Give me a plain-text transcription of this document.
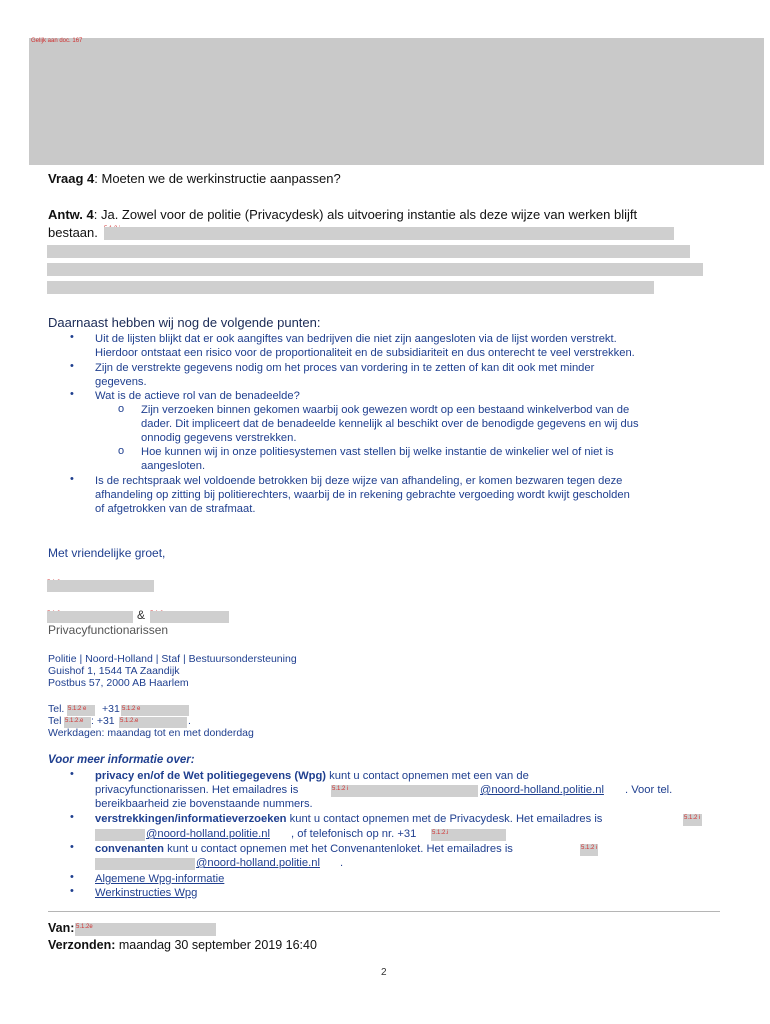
Gelijk aan doc. 167
Vraag 4: Moeten we de werkinstructie aanpassen?
Antw. 4: Ja. Zowel voor de politie (Privacydesk) als uitvoering instantie als deze wijze van werken blijft
bestaan.
Daarnaast hebben wij nog de volgende punten:
• Uit de lijsten blijkt dat er ook aangiftes van bedrijven die niet zijn aangesloten via de lijst worden verstrekt.
Hierdoor ontstaat een risico voor de proportionaliteit en de subsidiariteit en dus onterecht te veel verstrekken.
• Zijn de verstrekte gegevens nodig om het proces van vordering in te zetten of kan dit ook met minder
gegevens.
• Wat is de actieve rol van de benadeelde?
o Zijn verzoeken binnen gekomen waarbij ook gewezen wordt op een bestaand winkelverbod van de
dader. Dit impliceert dat de benadeelde kennelijk al beschikt over de benodigde gegevens en wij dus
onnodig gegevens verstrekken.
o Hoe kunnen wij in onze politiesystemen vast stellen bij welke instantie de winkelier wel of niet is
aangesloten.
• Is de rechtspraak wel voldoende betrokken bij deze wijze van afhandeling, er komen bezwaren tegen deze
afhandeling op zitting bij politierechters, waarbij de in rekening gebrachte vergoeding wordt kwijt gescholden
of afgetrokken van de strafmaat.
Met vriendelijke groet,
&
Privacyfunctionarissen
Politie | Noord-Holland | Staf | Bestuursondersteuning
Guishof 1, 1544 TA Zaandijk
Postbus 57, 2000 AB Haarlem
Tel. 5.1.2 e +31 5.1.2 e
Tel 5.1.2.e : +31 5.1.2.e	.
Werkdagen: maandag tot en met donderdag
Voor meer informatie over:
• privacy en/of de Wet politiegegevens (Wpg) kunt u contact opnemen met een van de
privacyfunctionarissen. Het emailadres is	5.1.2 i	@noord-holland.politie.nl . Voor tel.
bereikbaarheid zie bovenstaande nummers.
• verstrekkingen/informatieverzoeken kunt u contact opnemen met de Privacydesk. Het emailadres is	5.1.2 i
@noord-holland.politie.nl , of telefonisch op nr. +31	5.1.2.i
• convenanten kunt u contact opnemen met het Convenantenloket. Het emailadres is	5.1.2 i
@noord-holland.politie.nl .
• Algemene Wpg-informatie
• Werkinstructies Wpg
Van: 5.1.2e
Verzonden: maandag 30 september 2019 16:40
2
